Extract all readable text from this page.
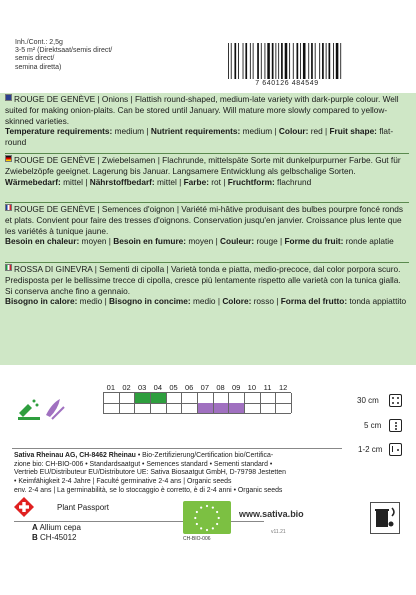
Inh./Cont.: 2,5g
3-5 m² (Direktsaat/semis direct/
semis direct/
semina diretta)
7 640126 484549
ROUGE DE GENÈVE | Onions | Flattish round-shaped, medium-late variety with dark-purple colour. Well suited for making onion-plaits. Can be stored until January. Will mature more slowly compared to yellow-skinned varieties.
Temperature requirements: medium | Nutrient requirements: medium | Colour: red | Fruit shape: flat-round
ROUGE DE GENÈVE | Zwiebelsamen | Flachrunde, mittelspäte Sorte mit dunkelpurpurner Farbe. Gut für Zwiebelzöpfe geeignet. Lagerung bis Januar. Langsamere Entwicklung als gelbschalige Sorten.
Wärmebedarf: mittel | Nährstoffbedarf: mittel | Farbe: rot | Fruchtform: flachrund
ROUGE DE GENÈVE | Semences d'oignon | Variété mi-hâtive produisant des bulbes pourpre foncé ronds et plats. Convient pour faire des tresses d'oignons. Conservation jusqu'en janvier. Croissance plus lente que les variétés à tunique jaune.
Besoin en chaleur: moyen | Besoin en fumure: moyen | Couleur: rouge | Forme du fruit: ronde aplatie
ROSSA DI GINEVRA | Sementi di cipolla | Varietà tonda e piatta, medio-precoce, dal color porpora scuro. Predisposta per le bellissime trecce di cipolla, cresce più lentamente rispetto alle varietà con la tunica gialla. Si conserva anche fino a gennaio.
Bisogno in calore: medio | Bisogno in concime: medio | Colore: rosso | Forma del frutto: tonda appiattito
01 02 03 04 05 06 07 08 09 10	11	12
30 cm
5 cm
1-2 cm
Sativa Rheinau AG, CH-8462 Rheinau • Bio-Zertifizierung/Certification bio/Certifica-
zione bio: CH-BIO-006 • Standardsaatgut • Semences standard • Sementi standard •
Vertrieb EU/Distributeur EU/Distributore UE: Sativa Biosaatgut GmbH, D-79798 Jestetten
• Keimfähigkeit 2-4 Jahre | Faculté germinative 2-4 ans | Organic seeds
env. 2-4 ans | La germinabilità, se lo stoccaggio è corretto, è di 2-4 anni • Organic seeds
Plant Passport
A Allium cepa
B CH-45012	CH-BIO-006
www.sativa.bio
v11.21
